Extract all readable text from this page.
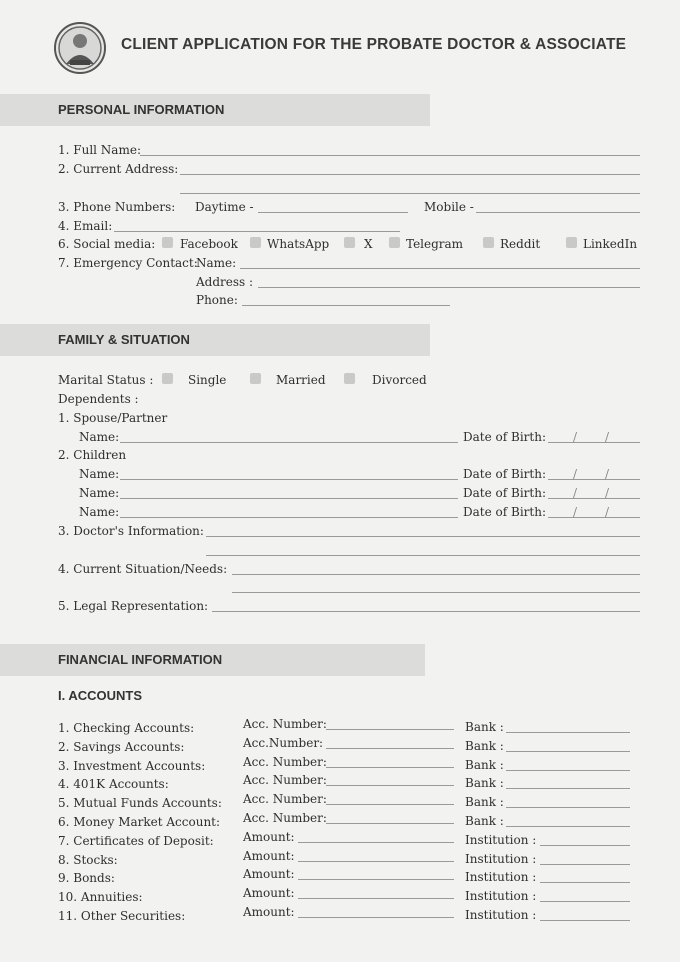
CLIENT APPLICATION FOR THE PROBATE DOCTOR & ASSOCIATE
PERSONAL INFORMATION
1. Full Name:
2. Current Address:
3. Phone Numbers: Daytime -	Mobile -
4. Email:
6. Social media: Facebook WhatsApp	X	Telegram	Reddit	LinkedIn
7. Emergency Contact:
Name:
Address :
Phone:
FAMILY & SITUATION
Marital Status :	Single	Married	Divorced
Dependents :
1. Spouse/Partner
Name:	Date of Birth: / /
2. Children
Name:	Date of Birth: / /
Name:	Date of Birth: / /
Name:	Date of Birth: / /
3. Doctor's Information:
4. Current Situation/Needs:
5. Legal Representation:
FINANCIAL INFORMATION
I. ACCOUNTS
1. Checking Accounts:	Acc. Number:	Bank :
2. Savings Accounts:	Acc.Number:	Bank :
3. Investment Accounts:	Acc. Number:	Bank :
4. 401K Accounts:	Acc. Number:	Bank :
5. Mutual Funds Accounts: Acc. Number:	Bank :
6. Money Market Account: Acc. Number:	Bank :
7. Certificates of Deposit: Amount:	Institution :
8. Stocks:	Amount:	Institution :
9. Bonds:	Amount:	Institution :
10. Annuities:	Amount:	Institution :
11. Other Securities:	Amount:	Institution :
